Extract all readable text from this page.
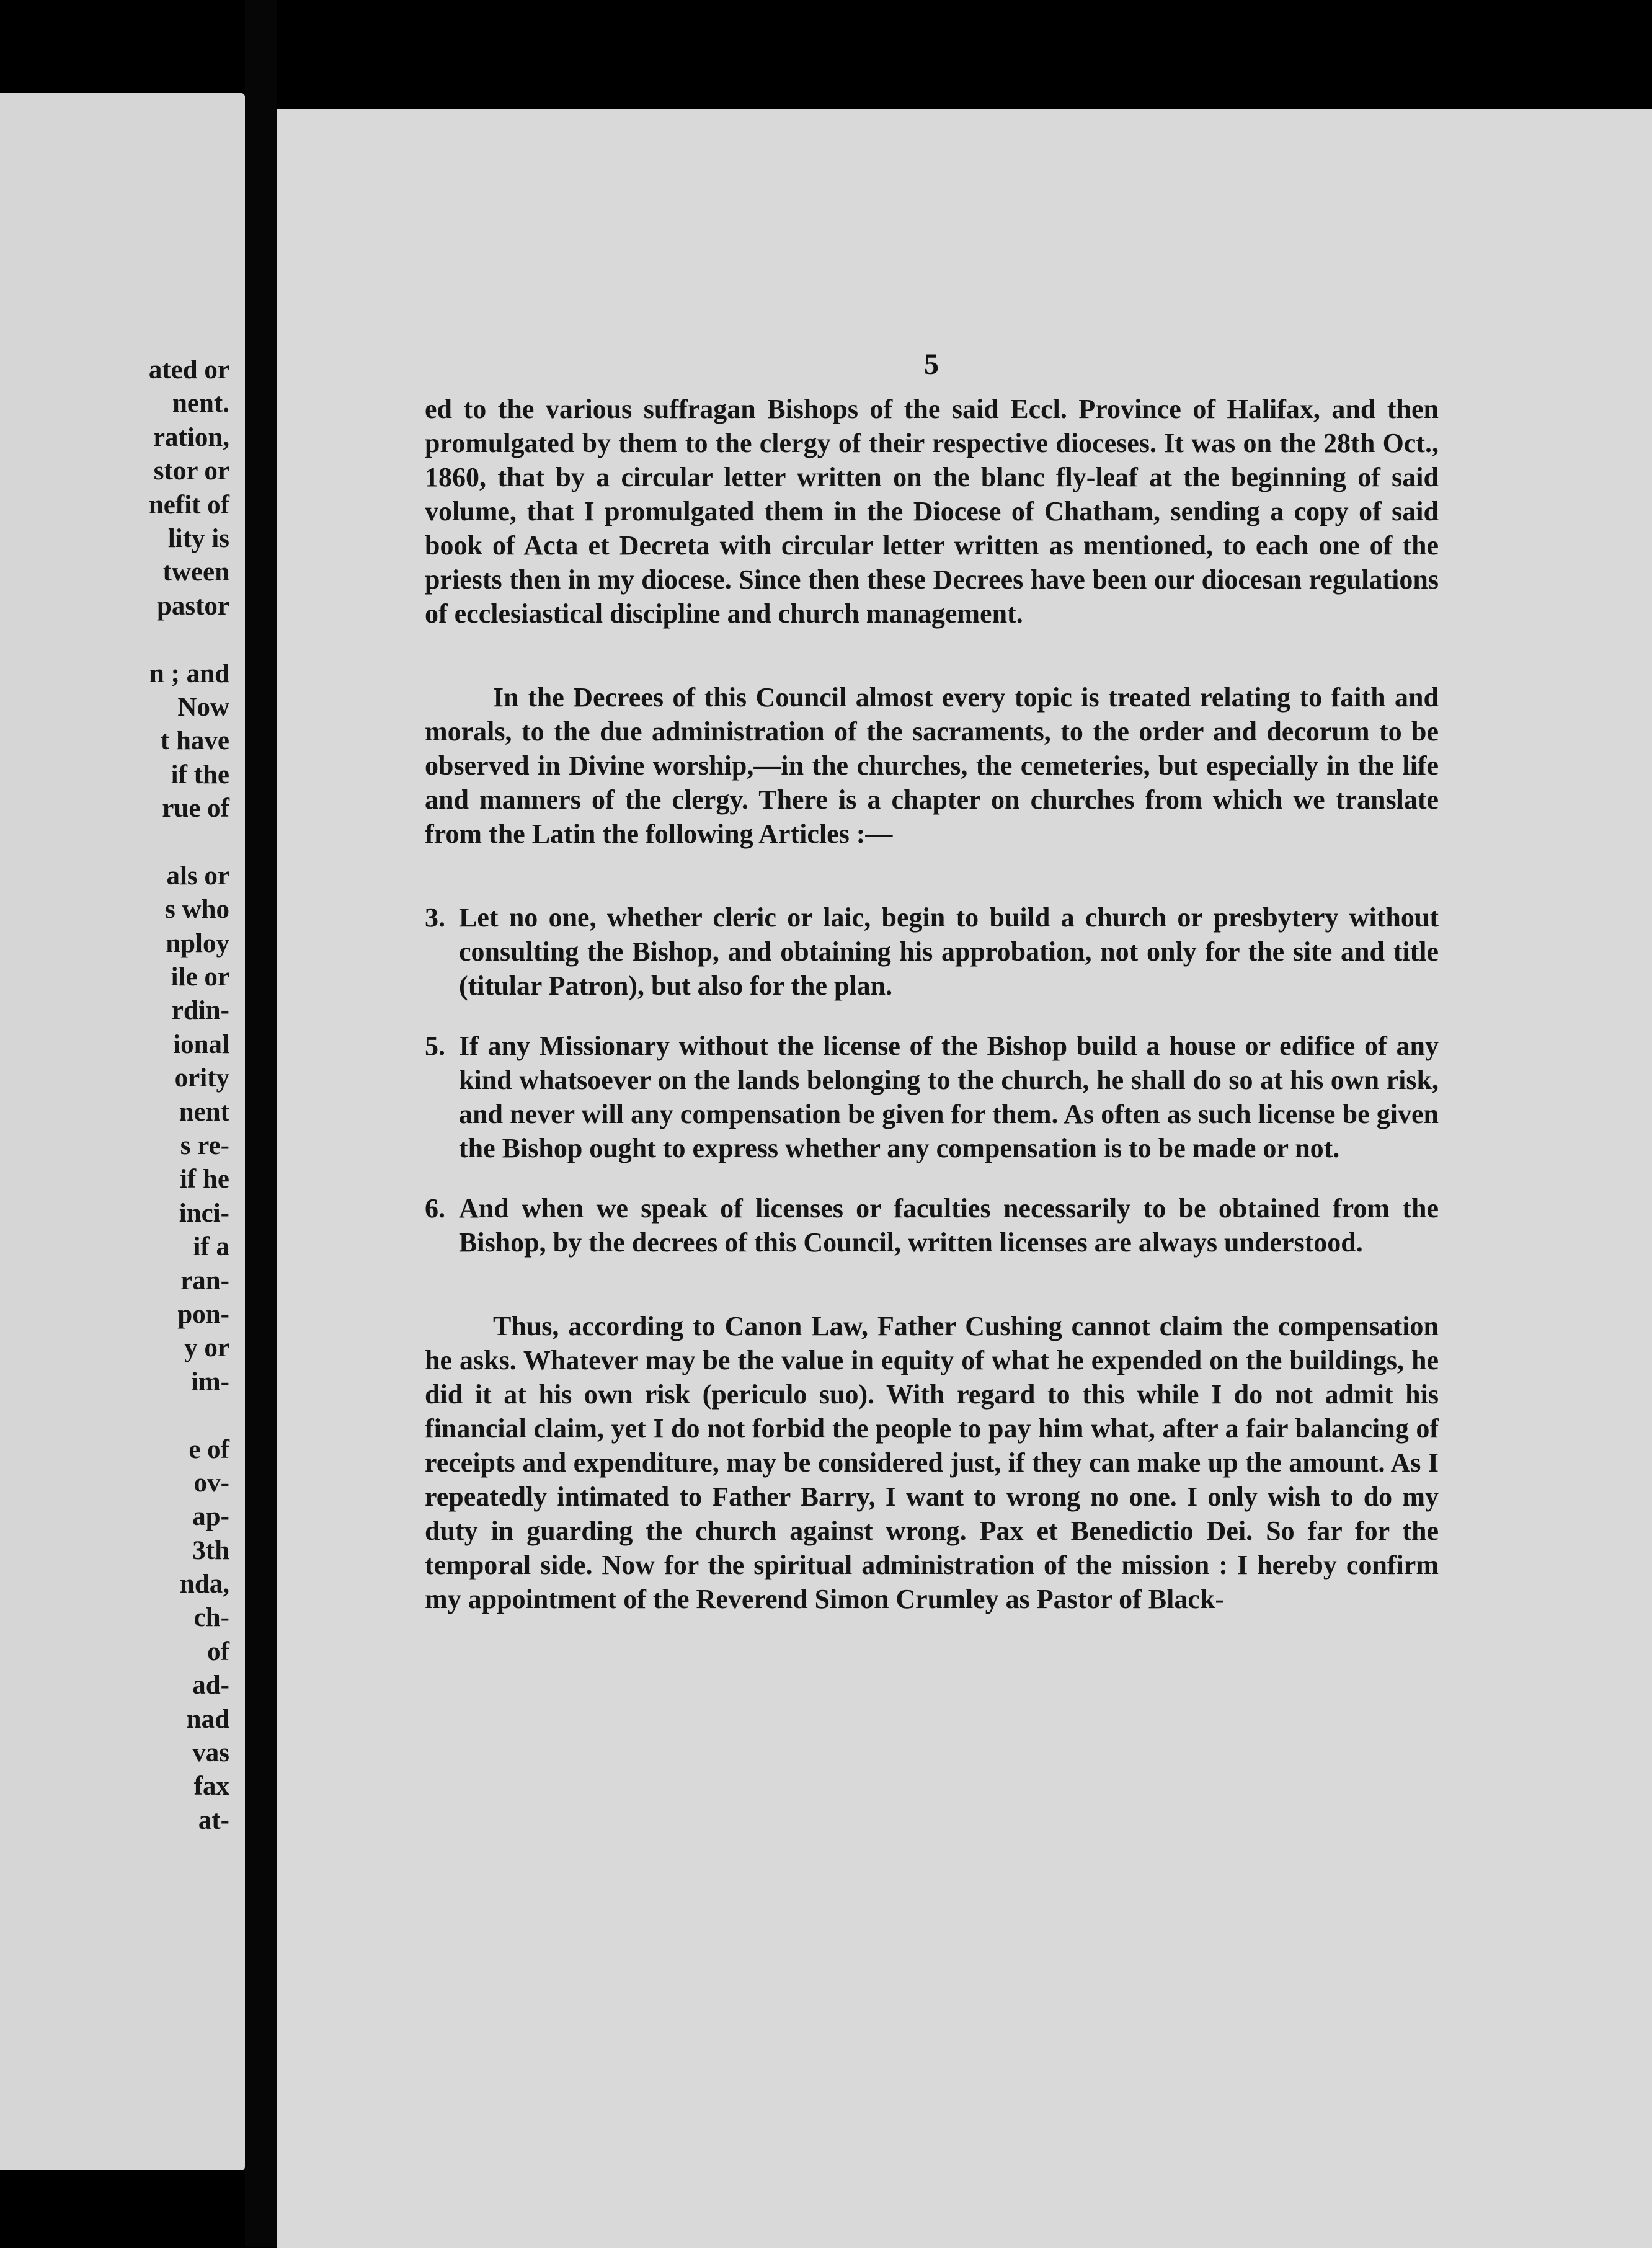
ated or
nent.
ration,
stor or
nefit of
lity is
tween
pastor
n ; and
Now
t have
if the
rue of
als or
s who
nploy
ile or
rdin-
ional
ority
nent
s re-
if he
inci-
if a
ran-
pon-
y or
im-
e of
ov-
ap-
3th
nda,
ch-
of
ad-
nad
vas
fax
at-
5

ed to the various suffragan Bishops of the said Eccl. Province of Halifax, and then promulgated by them to the clergy of their respective dioceses. It was on the 28th Oct., 1860, that by a circular letter written on the blanc fly-leaf at the beginning of said volume, that I promulgated them in the Diocese of Chatham, sending a copy of said book of Acta et Decreta with circular letter written as mentioned, to each one of the priests then in my diocese. Since then these Decrees have been our diocesan regulations of ecclesiastical discipline and church management.

In the Decrees of this Council almost every topic is treated relating to faith and morals, to the due administration of the sacraments, to the order and decorum to be observed in Divine worship,—in the churches, the cemeteries, but especially in the life and manners of the clergy. There is a chapter on churches from which we translate from the Latin the following Articles :—

3. Let no one, whether cleric or laic, begin to build a church or presbytery without consulting the Bishop, and obtaining his approbation, not only for the site and title (titular Patron), but also for the plan.
5. If any Missionary without the license of the Bishop build a house or edifice of any kind whatsoever on the lands belonging to the church, he shall do so at his own risk, and never will any compensation be given for them. As often as such license be given the Bishop ought to express whether any compensation is to be made or not.
6. And when we speak of licenses or faculties necessarily to be obtained from the Bishop, by the decrees of this Council, written licenses are always understood.

Thus, according to Canon Law, Father Cushing cannot claim the compensation he asks. Whatever may be the value in equity of what he expended on the buildings, he did it at his own risk (periculo suo). With regard to this while I do not admit his financial claim, yet I do not forbid the people to pay him what, after a fair balancing of receipts and expenditure, may be considered just, if they can make up the amount. As I repeatedly intimated to Father Barry, I want to wrong no one. I only wish to do my duty in guarding the church against wrong. Pax et Benedictio Dei. So far for the temporal side. Now for the spiritual administration of the mission : I hereby confirm my appointment of the Reverend Simon Crumley as Pastor of Black-
